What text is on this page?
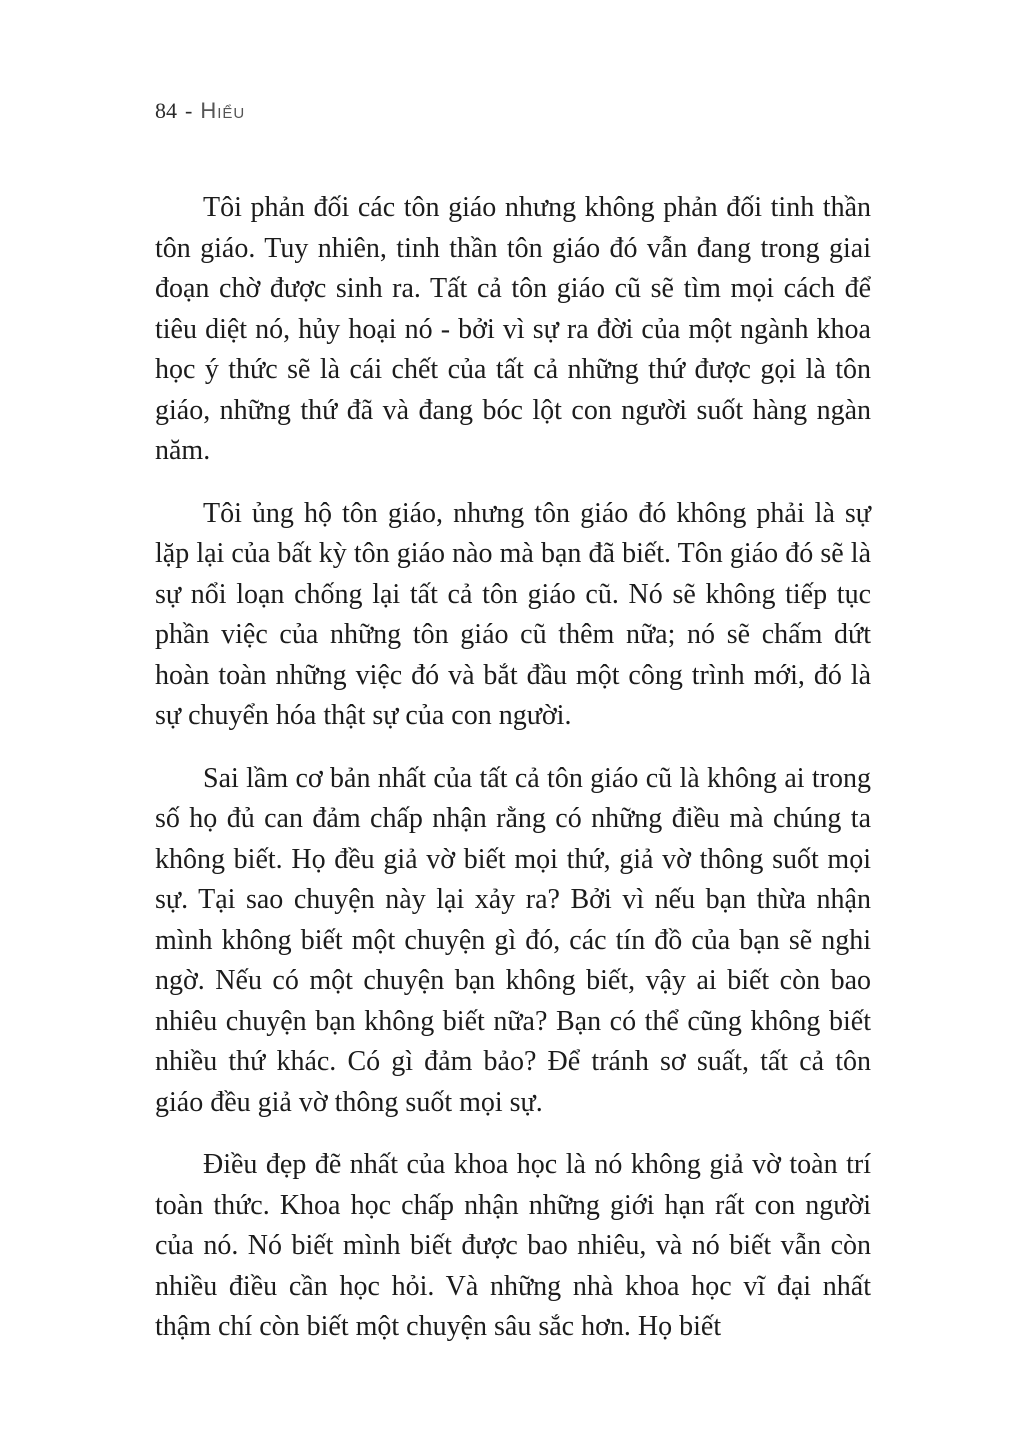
84 - Hiểu

Tôi phản đối các tôn giáo nhưng không phản đối tinh thần tôn giáo. Tuy nhiên, tinh thần tôn giáo đó vẫn đang trong giai đoạn chờ được sinh ra. Tất cả tôn giáo cũ sẽ tìm mọi cách để tiêu diệt nó, hủy hoại nó - bởi vì sự ra đời của một ngành khoa học ý thức sẽ là cái chết của tất cả những thứ được gọi là tôn giáo, những thứ đã và đang bóc lột con người suốt hàng ngàn năm.

Tôi ủng hộ tôn giáo, nhưng tôn giáo đó không phải là sự lặp lại của bất kỳ tôn giáo nào mà bạn đã biết. Tôn giáo đó sẽ là sự nổi loạn chống lại tất cả tôn giáo cũ. Nó sẽ không tiếp tục phần việc của những tôn giáo cũ thêm nữa; nó sẽ chấm dứt hoàn toàn những việc đó và bắt đầu một công trình mới, đó là sự chuyển hóa thật sự của con người.

Sai lầm cơ bản nhất của tất cả tôn giáo cũ là không ai trong số họ đủ can đảm chấp nhận rằng có những điều mà chúng ta không biết. Họ đều giả vờ biết mọi thứ, giả vờ thông suốt mọi sự. Tại sao chuyện này lại xảy ra? Bởi vì nếu bạn thừa nhận mình không biết một chuyện gì đó, các tín đồ của bạn sẽ nghi ngờ. Nếu có một chuyện bạn không biết, vậy ai biết còn bao nhiêu chuyện bạn không biết nữa? Bạn có thể cũng không biết nhiều thứ khác. Có gì đảm bảo? Để tránh sơ suất, tất cả tôn giáo đều giả vờ thông suốt mọi sự.

Điều đẹp đẽ nhất của khoa học là nó không giả vờ toàn trí toàn thức. Khoa học chấp nhận những giới hạn rất con người của nó. Nó biết mình biết được bao nhiêu, và nó biết vẫn còn nhiều điều cần học hỏi. Và những nhà khoa học vĩ đại nhất thậm chí còn biết một chuyện sâu sắc hơn. Họ biết
